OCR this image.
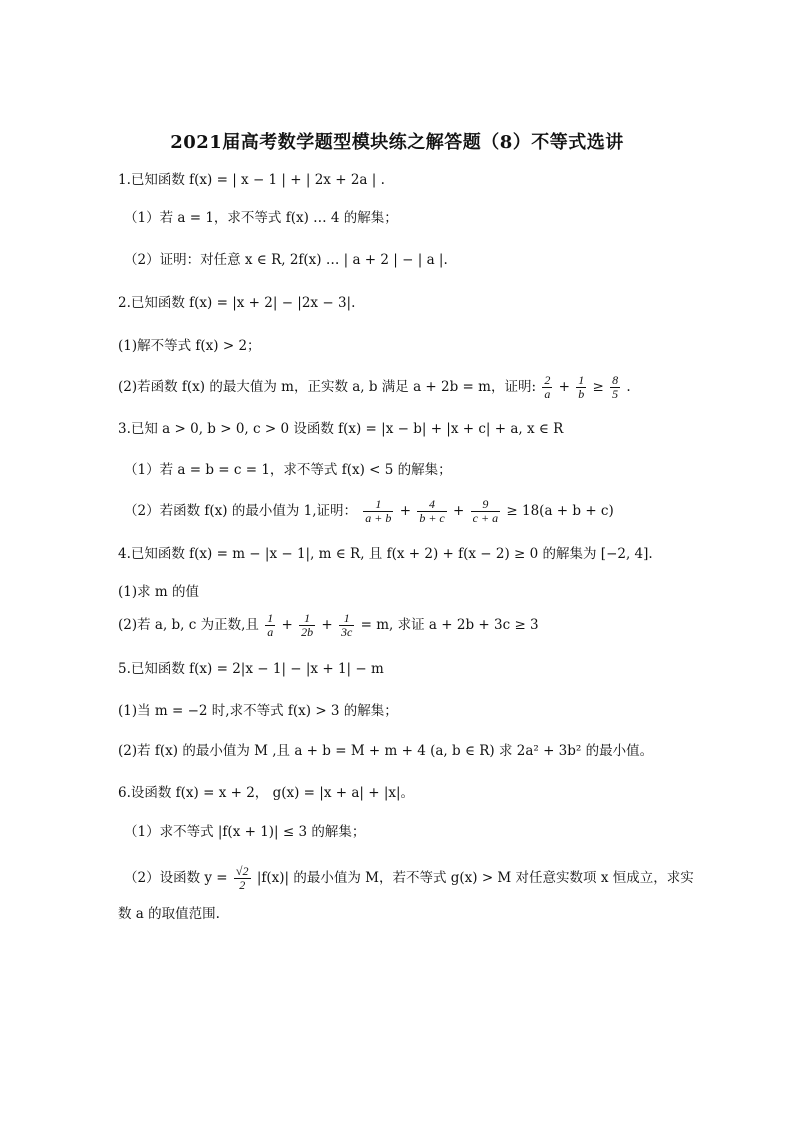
2021届高考数学题型模块练之解答题（8）不等式选讲
1.已知函数 f(x) = | x − 1 | + | 2x + 2a | .
（1）若 a = 1，求不等式 f(x) … 4 的解集；
（2）证明：对任意 x ∈ R, 2f(x) … | a + 2 | − | a |.
2.已知函数 f(x) = |x + 2| − |2x − 3|.
(1)解不等式 f(x) > 2；
(2)若函数 f(x) 的最大值为 m，正实数 a, b 满足 a + 2b = m，证明: $\frac{2}{a} + \frac{1}{b} \ge \frac{8}{5}$ .
3.已知 a > 0, b > 0, c > 0 设函数 f(x) = |x − b| + |x + c| + a, x ∈ R
（1）若 a = b = c = 1，求不等式 f(x) < 5 的解集；
（2）若函数 f(x) 的最小值为 1,证明： $\frac{1}{a + b} + \frac{4}{b + c} + \frac{9}{c + a} \ge 18(a + b + c)$
4.已知函数 f(x) = m − |x − 1|, m ∈ R, 且 f(x + 2) + f(x − 2) ≥ 0 的解集为 [−2, 4].
(1)求 m 的值
(2)若 a, b, c 为正数,且 $\frac{1}{a} + \frac{1}{2b} + \frac{1}{3c} = m$, 求证 a + 2b + 3c ≥ 3
5.已知函数 f(x) = 2|x − 1| − |x + 1| − m
(1)当 m = −2 时,求不等式 f(x) > 3 的解集；
(2)若 f(x) 的最小值为 M ,且 a + b = M + m + 4 (a, b ∈ R) 求 2a² + 3b² 的最小值。
6.设函数 f(x) = x + 2， g(x) = |x + a| + |x|。
（1）求不等式 |f(x + 1)| ≤ 3 的解集；
（2）设函数 $y = \frac{√2}{2} |f(x)|$ 的最小值为 M，若不等式 g(x) > M 对任意实数项 x 恒成立，求实
数 a 的取值范围.
